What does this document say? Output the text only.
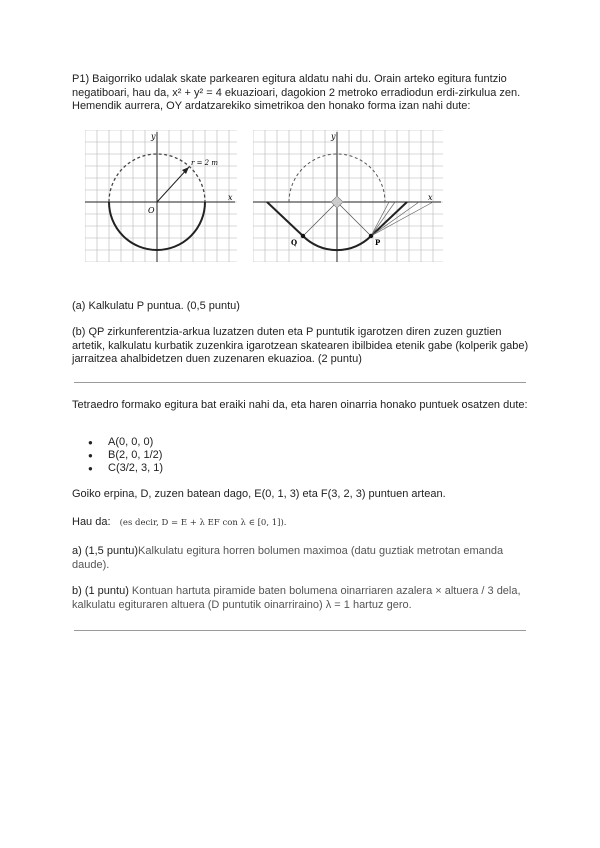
P1) Baigorriko udalak skate parkearen egitura aldatu nahi du. Orain arteko egitura funtzio negatiboari, hau da, x² + y² = 4 ekuazioari, dagokion 2 metroko erradiodun erdi-zirkulua zen. Hemendik aurrera, OY ardatzarekiko simetrikoa den honako forma izan nahi dute:

y
x
O
r = 2 m
y
x
Q	P

(a) Kalkulatu P puntua. (0,5 puntu)

(b) QP zirkunferentzia-arkua luzatzen duten eta P puntutik igarotzen diren zuzen guztien artetik, kalkulatu kurbatik zuzenkira igarotzean skatearen ibilbidea etenik gabe (kolperik gabe) jarraitzea ahalbidetzen duen zuzenaren ekuazioa. (2 puntu)

Tetraedro formako egitura bat eraiki nahi da, eta haren oinarria honako puntuek osatzen dute:

● A(0, 0, 0)
● B(2, 0, 1/2)
● C(3/2, 3, 1)

Goiko erpina, D, zuzen batean dago, E(0, 1, 3) eta F(3, 2, 3) puntuen artean.

Hau da: (es decir, D = E + λ EF con λ ∈ [0, 1]).

a) (1,5 puntu)Kalkulatu egitura horren bolumen maximoa (datu guztiak metrotan emanda daude).

b) (1 puntu) Kontuan hartuta piramide baten bolumena oinarriaren azalera × altuera / 3 dela, kalkulatu egituraren altuera (D puntutik oinarriraino) λ = 1 hartuz gero.
